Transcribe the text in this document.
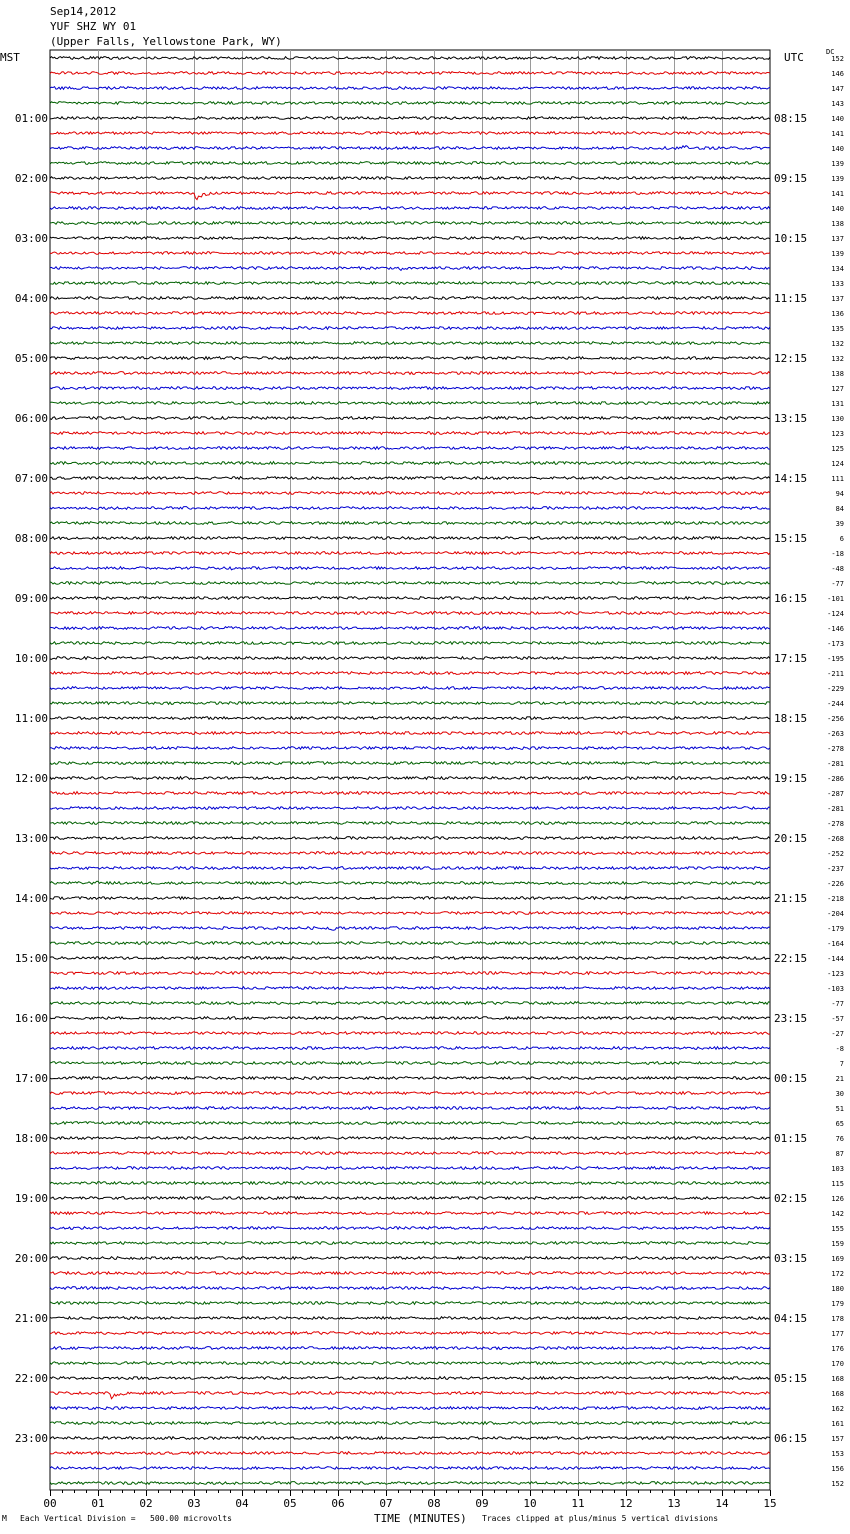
Sep14,2012
YUF SHZ WY 01
(Upper Falls, Yellowstone Park, WY)
MST	UTC	DC
00	01	02	03	04	05	06	07	08	09	10	11	12	13	14	15
152
146
147
143
140
141
140
139
139
141
140
138
137
139
134
133
137
136
135
132
132
138
127
131
130
123
125
124
111
94
84
39
6
-18
-48
-77
-101
-124
-146
-173
-195
-211
-229
-244
-256
-263
-278
-281
-286
-287
-281
-278
-268
-252
-237
-226
-218
-204
-179
-164
-144
-123
-103
-77
-57
-27
-8
7
21
30
51
65
76
87
103
115
126
142
155
159
169
172
180
179
178
177
176
170
168
168
162
161
157
153
156
152
01:00
02:00
03:00
04:00
05:00
06:00
07:00
08:00
09:00
10:00
11:00
12:00
13:00
14:00
15:00
16:00
17:00
18:00
19:00
20:00
21:00
22:00
23:00
08:15
09:15
10:15
11:15
12:15
13:15
14:15
15:15
16:15
17:15
18:15
19:15
20:15
21:15
22:15
23:15
00:15
01:15
02:15
03:15
04:15
05:15
06:15
TIME (MINUTES)
M Each Vertical Division =   500.00 microvolts	Traces clipped at plus/minus 5 vertical divisions
